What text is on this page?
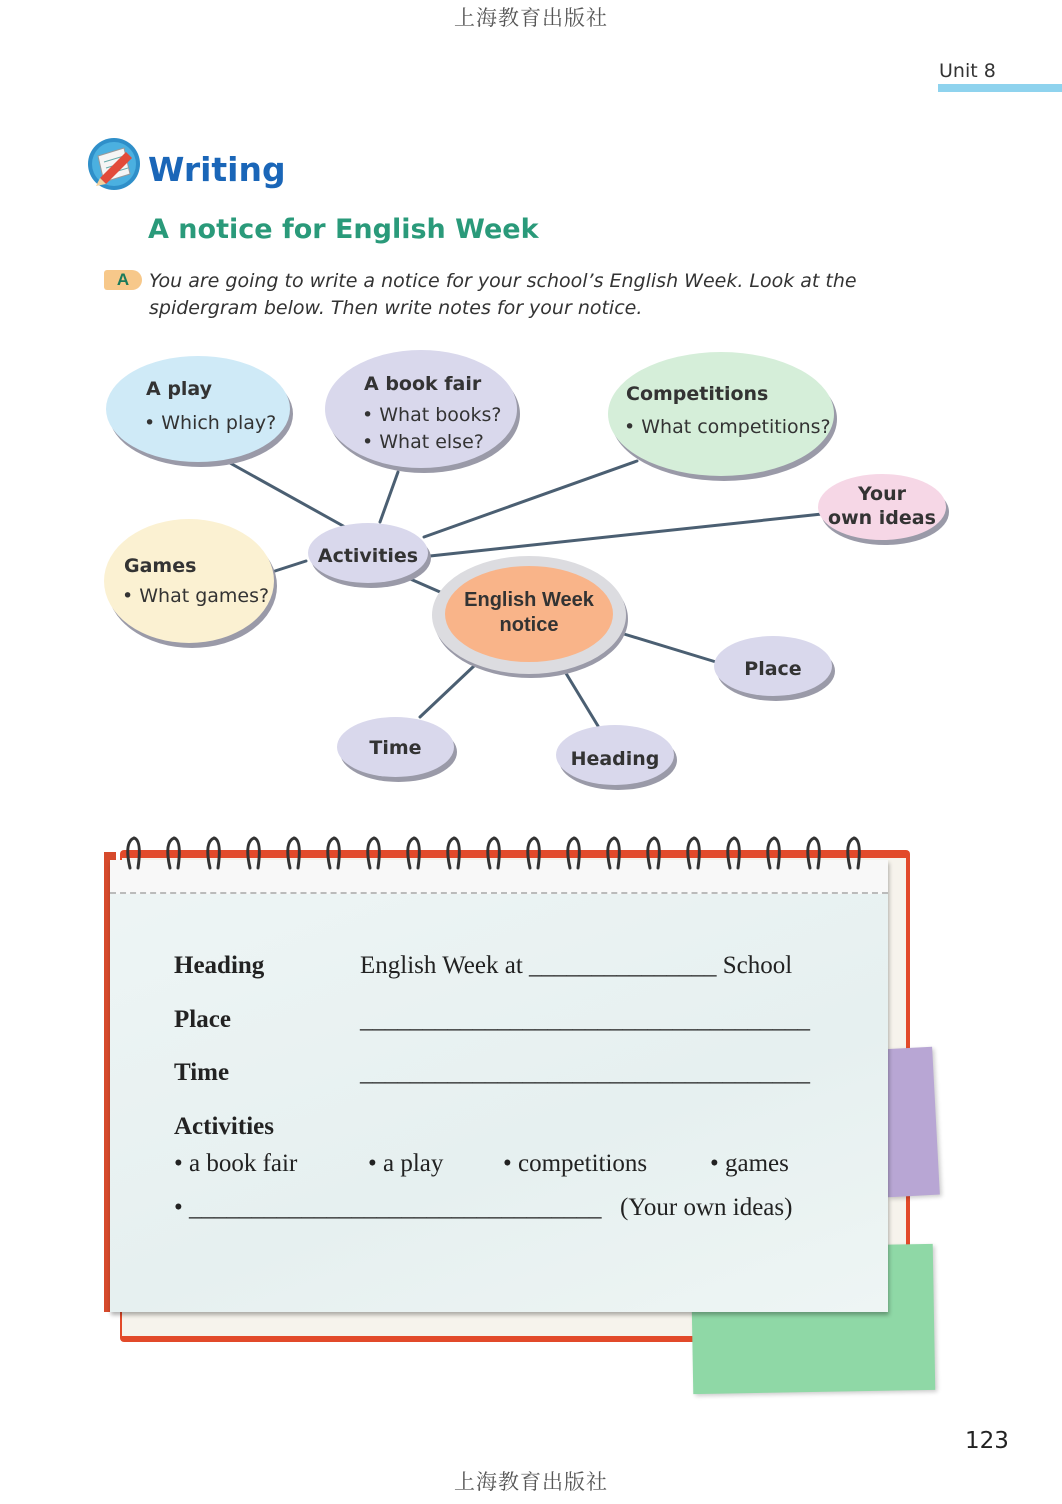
上海教育出版社
Unit 8
Writing
A notice for English Week
A	You are going to write a notice for your school’s English Week. Look at the
spidergram below. Then write notes for your notice.
A play
• Which play?
A book fair
• What books?
• What else?
Competitions
• What competitions?
Your
own ideas
Games
• What games?
Activities
English Week
notice
Place
Time	Heading
Heading	English Week at _______________ School
Place	____________________________________
Time	____________________________________
Activities
• a book fair	• a play • competitions	• games
• _________________________________ (Your own ideas)
123
上海教育出版社
